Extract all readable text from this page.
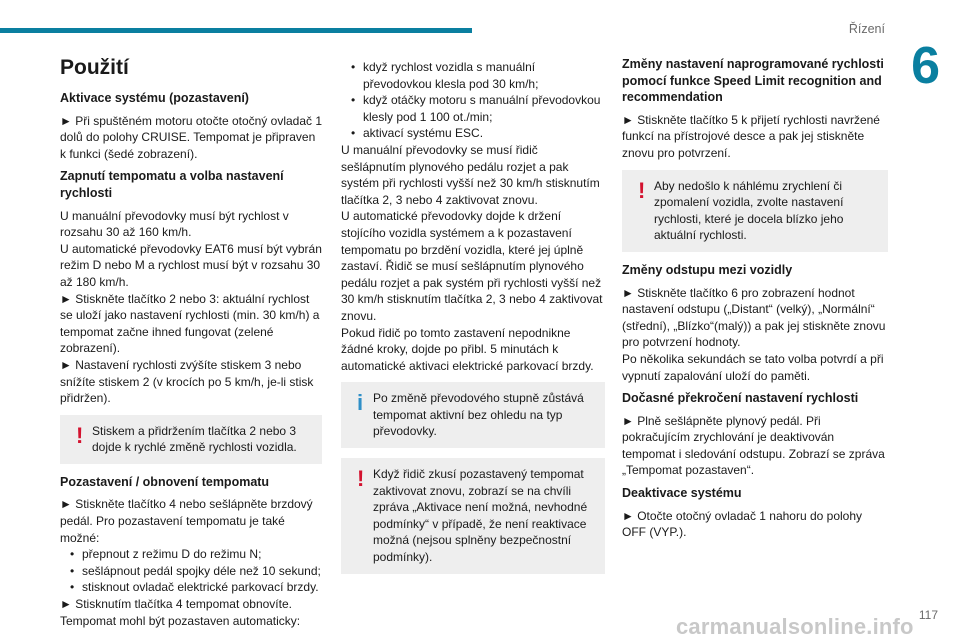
Řízení
6
Použití
Aktivace systému (pozastavení)

► Při spuštěném motoru otočte otočný ovladač 1 dolů do polohy CRUISE. Tempomat je připraven k funkci (šedé zobrazení).

Zapnutí tempomatu a volba nastavení rychlosti

U manuální převodovky musí být rychlost v rozsahu 30 až 160 km/h.

U automatické převodovky EAT6 musí být vybrán režim D nebo M a rychlost musí být v rozsahu 30 až 180 km/h.

► Stiskněte tlačítko 2 nebo 3: aktuální rychlost se uloží jako nastavení rychlosti (min. 30 km/h) a tempomat začne ihned fungovat (zelené zobrazení).

► Nastavení rychlosti zvýšíte stiskem 3 nebo snížíte stiskem 2 (v krocích po 5 km/h, je-li stisk přidržen).

! Stiskem a přidržením tlačítka 2 nebo 3 dojde k rychlé změně rychlosti vozidla.
Pozastavení / obnovení tempomatu

► Stiskněte tlačítko 4 nebo sešlápněte brzdový pedál. Pro pozastavení tempomatu je také možné:

• přepnout z režimu D do režimu N;
• sešlápnout pedál spojky déle než 10 sekund;
• stisknout ovladač elektrické parkovací brzdy.

► Stisknutím tlačítka 4 tempomat obnovíte.

Tempomat mohl být pozastaven automaticky:

• když rychlost vozidla s manuální převodovkou klesla pod 30 km/h;
• když otáčky motoru s manuální převodovkou klesly pod 1 100 ot./min;
• aktivací systému ESC.

U manuální převodovky se musí řidič sešlápnutím plynového pedálu rozjet a pak systém při rychlosti vyšší než 30 km/h stisknutím tlačítka 2, 3 nebo 4 zaktivovat znovu.

U automatické převodovky dojde k držení stojícího vozidla systémem a k pozastavení tempomatu po brzdění vozidla, které jej úplně zastaví. Řidič se musí sešlápnutím plynového pedálu rozjet a pak systém při rychlosti vyšší než 30 km/h stisknutím tlačítka 2, 3 nebo 4 zaktivovat znovu.

Pokud řidič po tomto zastavení nepodnikne žádné kroky, dojde po přibl. 5 minutách k automatické aktivaci elektrické parkovací brzdy.

i Po změně převodového stupně zůstává tempomat aktivní bez ohledu na typ převodovky.
! Když řidič zkusí pozastavený tempomat zaktivovat znovu, zobrazí se na chvíli zpráva „Aktivace není možná, nevhodné podmínky“ v případě, že není reaktivace možná (nejsou splněny bezpečnostní podmínky).
Změny nastavení naprogramované rychlosti pomocí funkce Speed Limit recognition and recommendation

► Stiskněte tlačítko 5 k přijetí rychlosti navržené funkcí na přístrojové desce a pak jej stiskněte znovu pro potvrzení.

! Aby nedošlo k náhlému zrychlení či zpomalení vozidla, zvolte nastavení rychlosti, které je docela blízko jeho aktuální rychlosti.
Změny odstupu mezi vozidly

► Stiskněte tlačítko 6 pro zobrazení hodnot nastavení odstupu („Distant“ (velký), „Normální“ (střední), „Blízko“(malý)) a pak jej stiskněte znovu pro potvrzení hodnoty.

Po několika sekundách se tato volba potvrdí a při vypnutí zapalování uloží do paměti.

Dočasné překročení nastavení rychlosti

► Plně sešlápněte plynový pedál. Při pokračujícím zrychlování je deaktivován tempomat i sledování odstupu. Zobrazí se zpráva „Tempomat pozastaven“.

Deaktivace systému

► Otočte otočný ovladač 1 nahoru do polohy OFF (VYP.).

117
carmanualsonline.info
